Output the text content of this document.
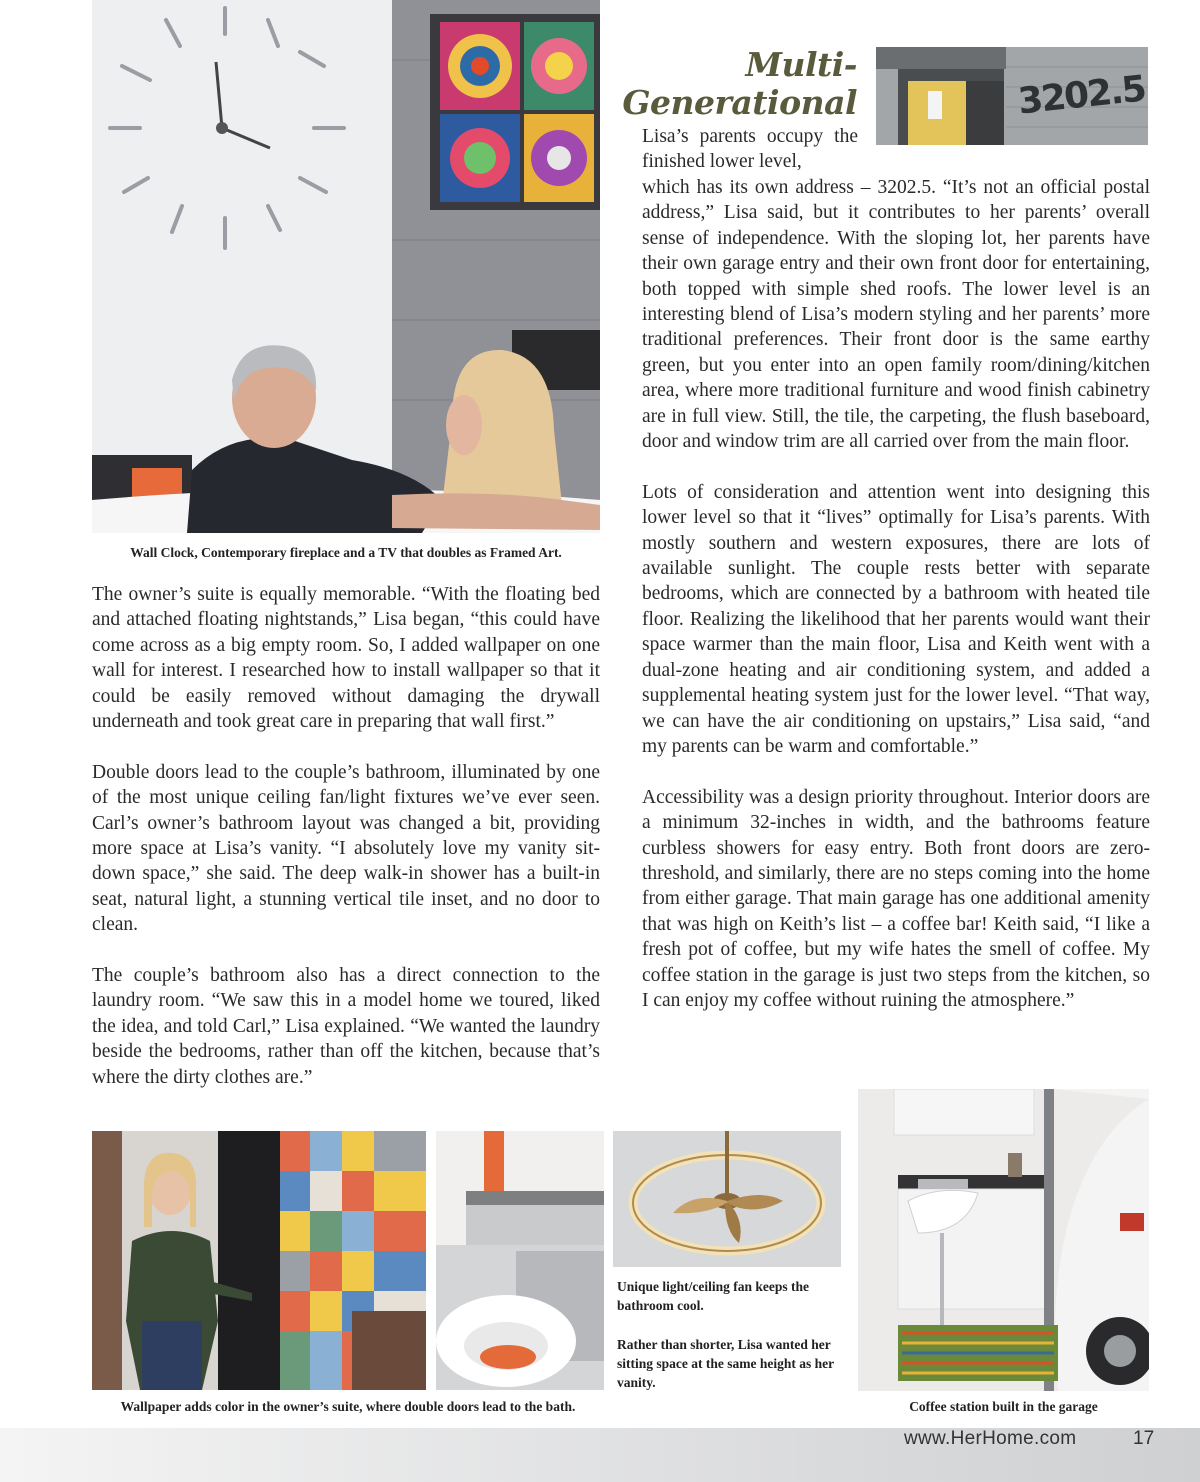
Wall Clock, Contemporary fireplace and a TV that doubles as Framed Art.
Multi-
Generational	3202.5
Lisa’s parents occupy the finished lower level,

which has its own address – 3202.5. “It’s not an official postal address,” Lisa said, but it contributes to her parents’ overall sense of independence. With the sloping lot, her parents have their own garage entry and their own front door for entertaining, both topped with simple shed roofs. The lower level is an interesting blend of Lisa’s modern styling and her parents’ more traditional preferences. Their front door is the same earthy green, but you enter into an open family room/dining/kitchen area, where more traditional furniture and wood finish cabinetry are in full view. Still, the tile, the carpeting, the flush baseboard, door and window trim are all carried over from the main floor.

Lots of consideration and attention went into designing this lower level so that it “lives” optimally for Lisa’s parents. With mostly southern and western exposures, there are lots of available sunlight. The couple rests better with separate bedrooms, which are connected by a bathroom with heated tile floor. Realizing the likelihood that her parents would want their space warmer than the main floor, Lisa and Keith went with a dual-zone heating and air conditioning system, and added a supplemental heating system just for the lower level. “That way, we can have the air conditioning on upstairs,” Lisa said, “and my parents can be warm and comfortable.”

Accessibility was a design priority throughout. Interior doors are a minimum 32-inches in width, and the bathrooms feature curbless showers for easy entry. Both front doors are zero-threshold, and similarly, there are no steps coming into the home from either garage. That main garage has one additional amenity that was high on Keith’s list – a coffee bar! Keith said, “I like a fresh pot of coffee, but my wife hates the smell of coffee. My coffee station in the garage is just two steps from the kitchen, so I can enjoy my coffee without ruining the atmosphere.”

The owner’s suite is equally memorable. “With the floating bed and attached floating nightstands,” Lisa began, “this could have come across as a big empty room. So, I added wallpaper on one wall for interest. I researched how to install wallpaper so that it could be easily removed without damaging the drywall underneath and took great care in preparing that wall first.”

Double doors lead to the couple’s bathroom, illuminated by one of the most unique ceiling fan/light fixtures we’ve ever seen. Carl’s owner’s bathroom layout was changed a bit, providing more space at Lisa’s vanity. “I absolutely love my vanity sit-down space,” she said. The deep walk-in shower has a built-in seat, natural light, a stunning vertical tile inset, and no door to clean.

The couple’s bathroom also has a direct connection to the laundry room. “We saw this in a model home we toured, liked the idea, and told Carl,” Lisa explained. “We wanted the laundry beside the bedrooms, rather than off the kitchen, because that’s where the dirty clothes are.”

Unique light/ceiling fan keeps the bathroom cool.
Rather than shorter, Lisa wanted her sitting space at the same height as her vanity.
Wallpaper adds color in the owner’s suite, where double doors lead to the bath.	Coffee station built in the garage
www.HerHome.com	17
